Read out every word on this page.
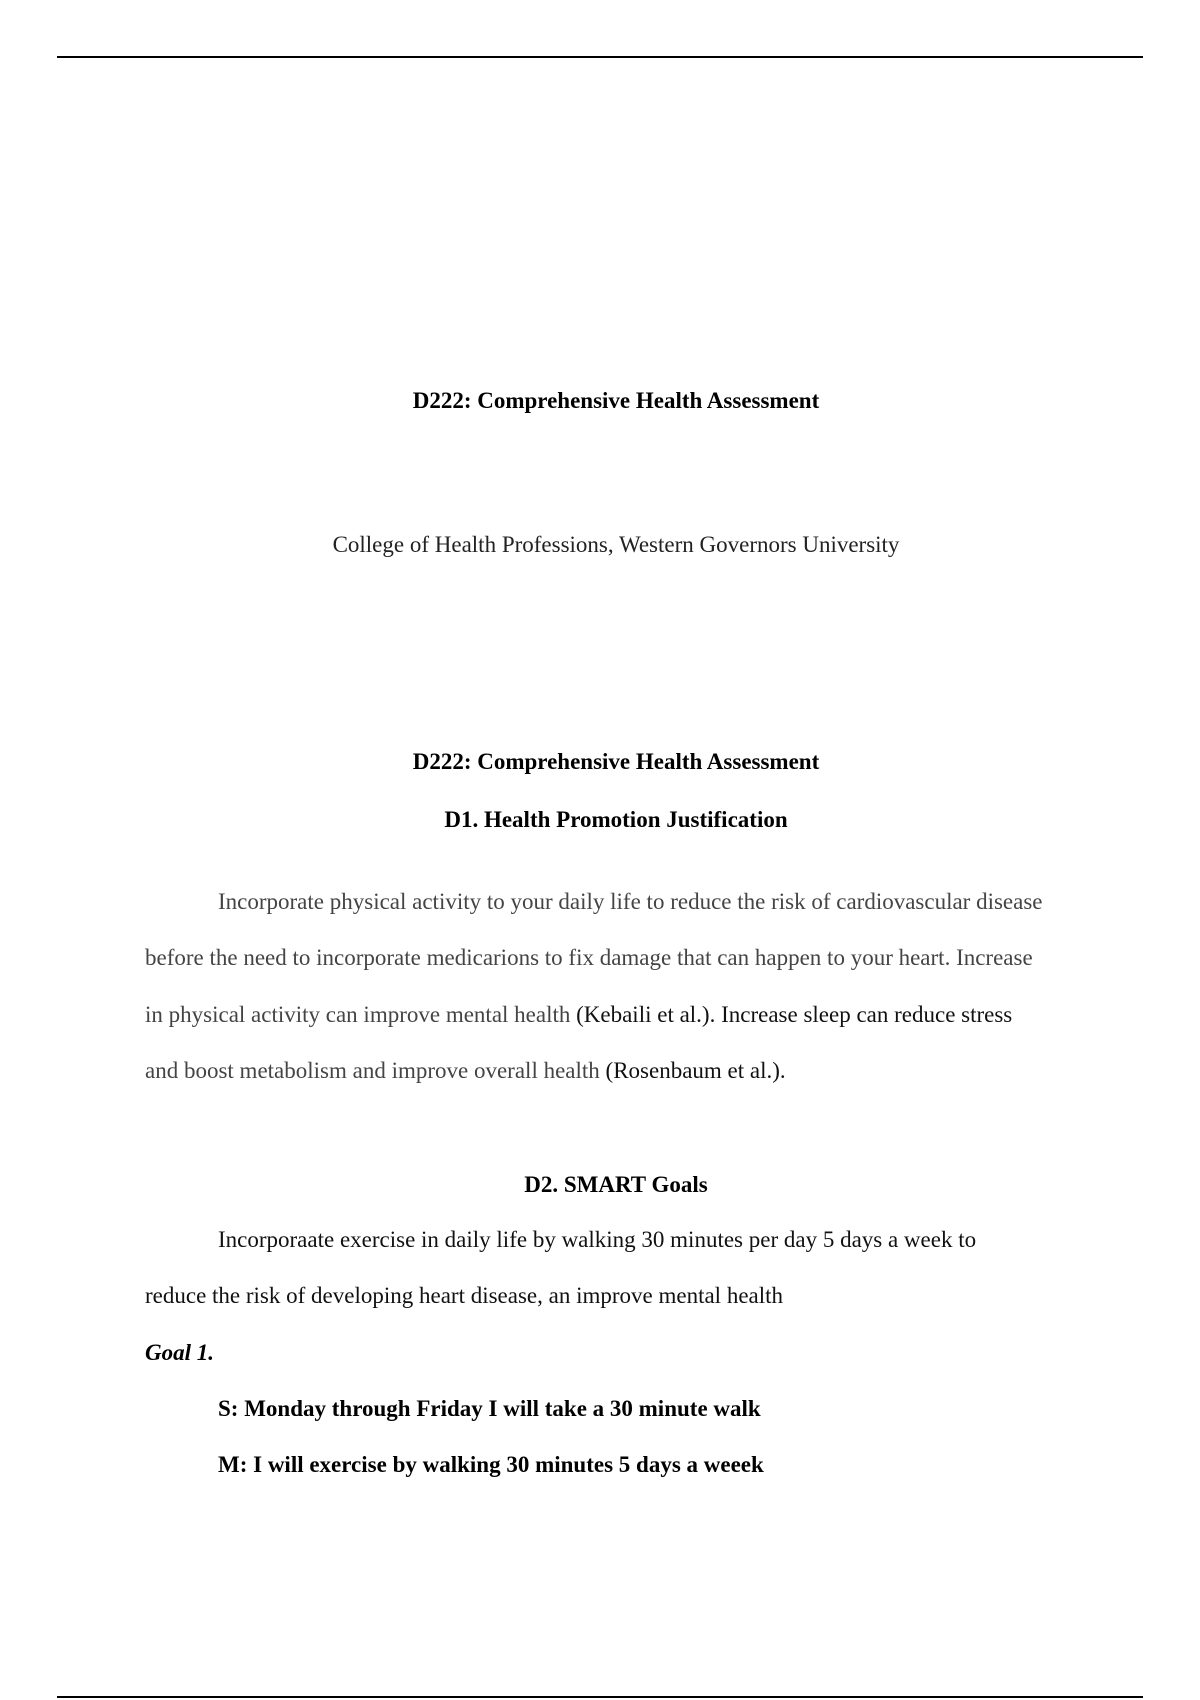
D222: Comprehensive Health Assessment
College of Health Professions, Western Governors University
D222: Comprehensive Health Assessment
D1. Health Promotion Justification
Incorporate physical activity to your daily life to reduce the risk of cardiovascular disease
before the need to incorporate medicarions to fix damage that can happen to your heart. Increase
in physical activity can improve mental health (Kebaili et al.). Increase sleep can reduce stress
and boost metabolism and improve overall health (Rosenbaum et al.).
D2. SMART Goals
Incorporaate exercise in daily life by walking 30 minutes per day 5 days a week to
reduce the risk of developing heart disease, an improve mental health
Goal 1.
S: Monday through Friday I will take a 30 minute walk
M: I will exercise by walking 30 minutes 5 days a weeek
